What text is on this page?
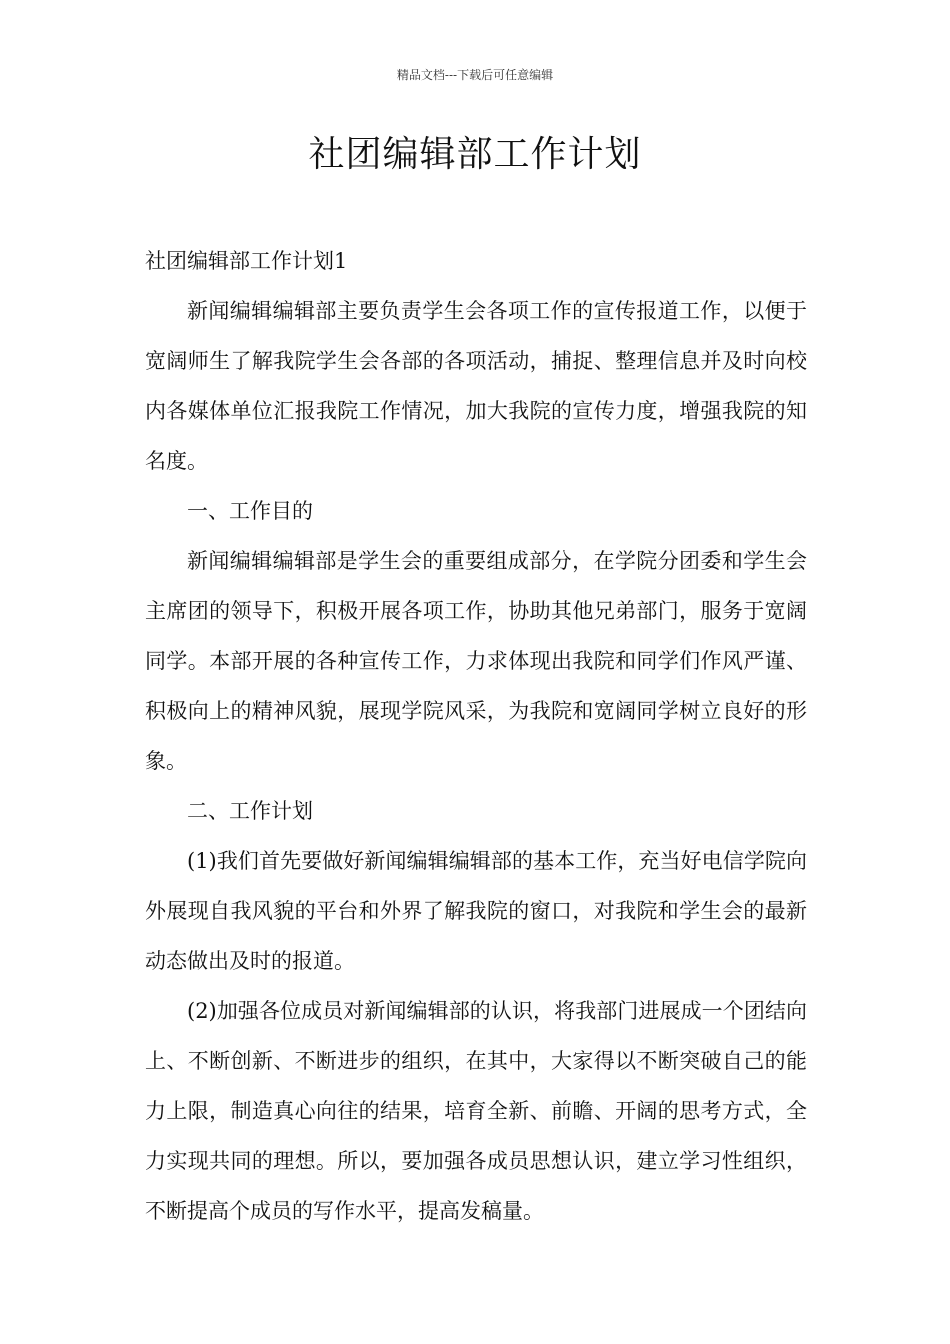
精品文档---下载后可任意编辑
社团编辑部工作计划

社团编辑部工作计划1

新闻编辑编辑部主要负责学生会各项工作的宣传报道工作，以便于宽阔师生了解我院学生会各部的各项活动，捕捉、整理信息并及时向校内各媒体单位汇报我院工作情况，加大我院的宣传力度，增强我院的知名度。

一、工作目的

新闻编辑编辑部是学生会的重要组成部分，在学院分团委和学生会主席团的领导下，积极开展各项工作，协助其他兄弟部门，服务于宽阔同学。本部开展的各种宣传工作，力求体现出我院和同学们作风严谨、积极向上的精神风貌，展现学院风采，为我院和宽阔同学树立良好的形象。

二、工作计划

(1)我们首先要做好新闻编辑编辑部的基本工作，充当好电信学院向外展现自我风貌的平台和外界了解我院的窗口，对我院和学生会的最新动态做出及时的报道。

(2)加强各位成员对新闻编辑部的认识，将我部门进展成一个团结向上、不断创新、不断进步的组织，在其中，大家得以不断突破自己的能力上限，制造真心向往的结果，培育全新、前瞻、开阔的思考方式，全力实现共同的理想。所以，要加强各成员思想认识，建立学习性组织，不断提高个成员的写作水平，提高发稿量。
